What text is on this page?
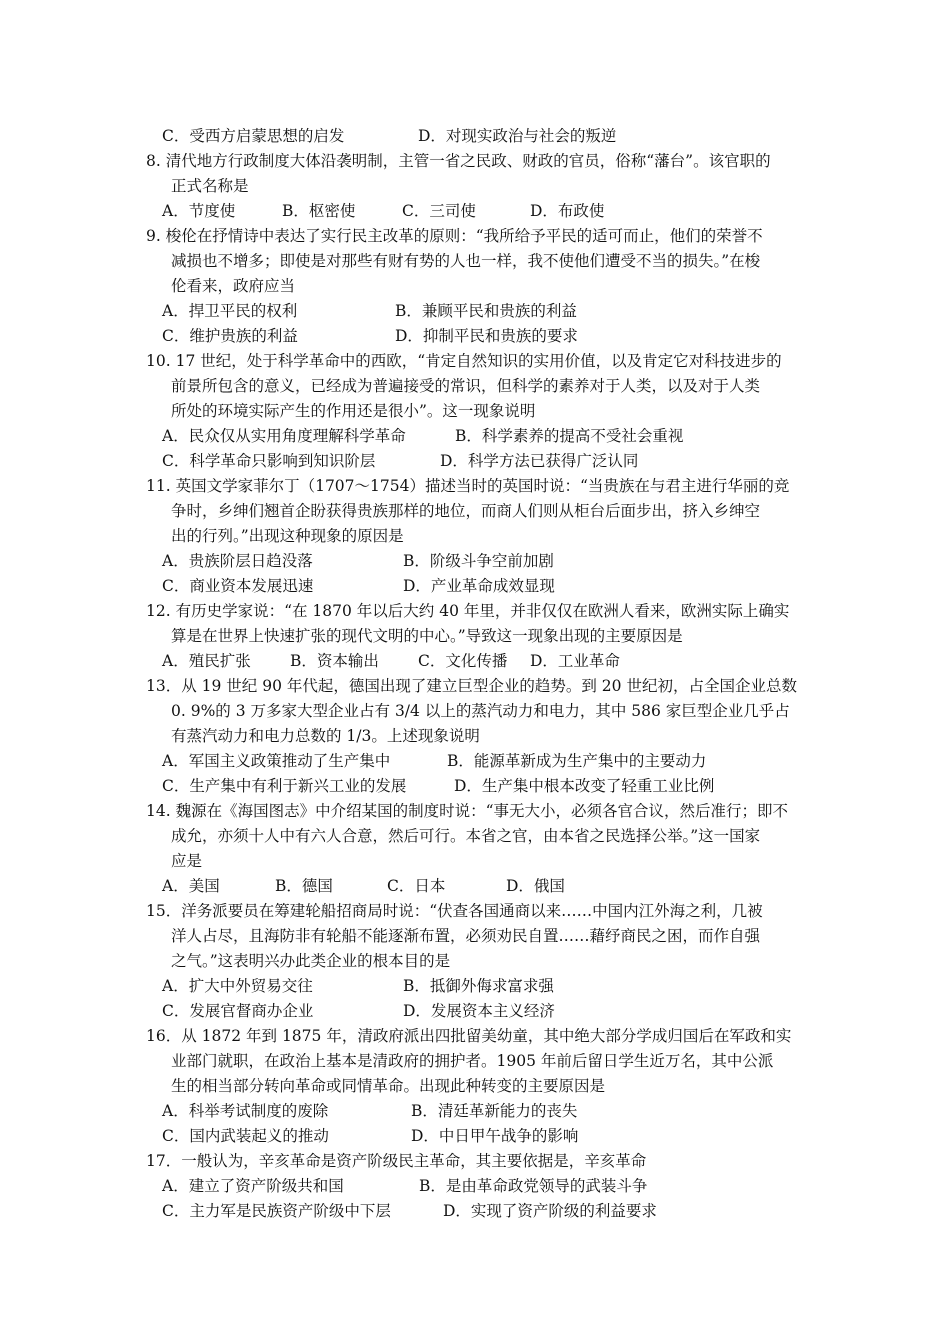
C．受西方启蒙思想的启发	D．对现实政治与社会的叛逆
8. 清代地方行政制度大体沿袭明制，主管一省之民政、财政的官员，俗称“藩台”。该官职的
正式名称是
A．节度使	B．枢密使	C．三司使	D．布政使
9. 梭伦在抒情诗中表达了实行民主改革的原则：“我所给予平民的适可而止，他们的荣誉不
减损也不增多；即使是对那些有财有势的人也一样，我不使他们遭受不当的损失。”在梭
伦看来，政府应当
A．捍卫平民的权利	B．兼顾平民和贵族的利益
C．维护贵族的利益	D．抑制平民和贵族的要求
10. 17 世纪，处于科学革命中的西欧，“肯定自然知识的实用价值，以及肯定它对科技进步的
前景所包含的意义，已经成为普遍接受的常识，但科学的素养对于人类，以及对于人类
所处的环境实际产生的作用还是很小”。这一现象说明
A．民众仅从实用角度理解科学革命	B．科学素养的提高不受社会重视
C．科学革命只影响到知识阶层	D．科学方法已获得广泛认同
11. 英国文学家菲尔丁（1707～1754）描述当时的英国时说：“当贵族在与君主进行华丽的竞
争时，乡绅们翘首企盼获得贵族那样的地位，而商人们则从柜台后面步出，挤入乡绅空
出的行列。”出现这种现象的原因是
A．贵族阶层日趋没落	B．阶级斗争空前加剧
C．商业资本发展迅速	D．产业革命成效显现
12. 有历史学家说：“在 1870 年以后大约 40 年里，并非仅仅在欧洲人看来，欧洲实际上确实
算是在世界上快速扩张的现代文明的中心。”导致这一现象出现的主要原因是
A．殖民扩张	B．资本输出	C．文化传播 D．工业革命
13．从 19 世纪 90 年代起，德国出现了建立巨型企业的趋势。到 20 世纪初，占全国企业总数
0. 9%的 3 万多家大型企业占有 3/4 以上的蒸汽动力和电力，其中 586 家巨型企业几乎占
有蒸汽动力和电力总数的 1/3。上述现象说明
A．军国主义政策推动了生产集中	B．能源革新成为生产集中的主要动力
C．生产集中有利于新兴工业的发展	D．生产集中根本改变了轻重工业比例
14. 魏源在《海国图志》中介绍某国的制度时说：“事无大小，必须各官合议，然后准行；即不
成允，亦须十人中有六人合意，然后可行。本省之官，由本省之民选择公举。”这一国家
应是
A．美国	B．德国	C．日本	D．俄国
15．洋务派要员在筹建轮船招商局时说：“伏查各国通商以来……中国内江外海之利，几被
洋人占尽，且海防非有轮船不能逐渐布置，必须劝民自置……藉纾商民之困，而作自强
之气。”这表明兴办此类企业的根本目的是
A．扩大中外贸易交往	B．抵御外侮求富求强
C．发展官督商办企业	D．发展资本主义经济
16．从 1872 年到 1875 年，清政府派出四批留美幼童，其中绝大部分学成归国后在军政和实
业部门就职，在政治上基本是清政府的拥护者。1905 年前后留日学生近万名，其中公派
生的相当部分转向革命或同情革命。出现此种转变的主要原因是
A．科举考试制度的废除	B．清廷革新能力的丧失
C．国内武装起义的推动	D．中日甲午战争的影响
17．一般认为，辛亥革命是资产阶级民主革命，其主要依据是，辛亥革命
A．建立了资产阶级共和国	B．是由革命政党领导的武装斗争
C．主力军是民族资产阶级中下层	D．实现了资产阶级的利益要求
